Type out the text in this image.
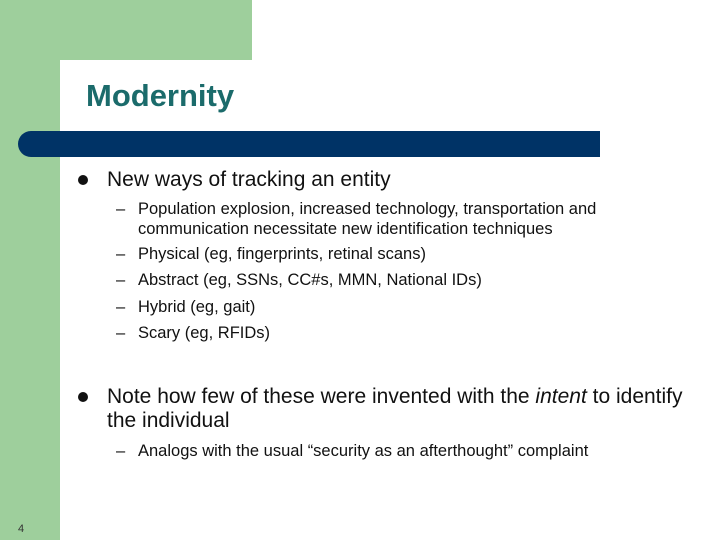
Modernity
New ways of tracking an entity
– Population explosion, increased technology, transportation and communication necessitate new identification techniques
– Physical (eg, fingerprints, retinal scans)
– Abstract (eg, SSNs, CC#s, MMN, National IDs)
– Hybrid (eg, gait)
– Scary (eg, RFIDs)
Note how few of these were invented with the intent to identify the individual
– Analogs with the usual “security as an afterthought” complaint
4
